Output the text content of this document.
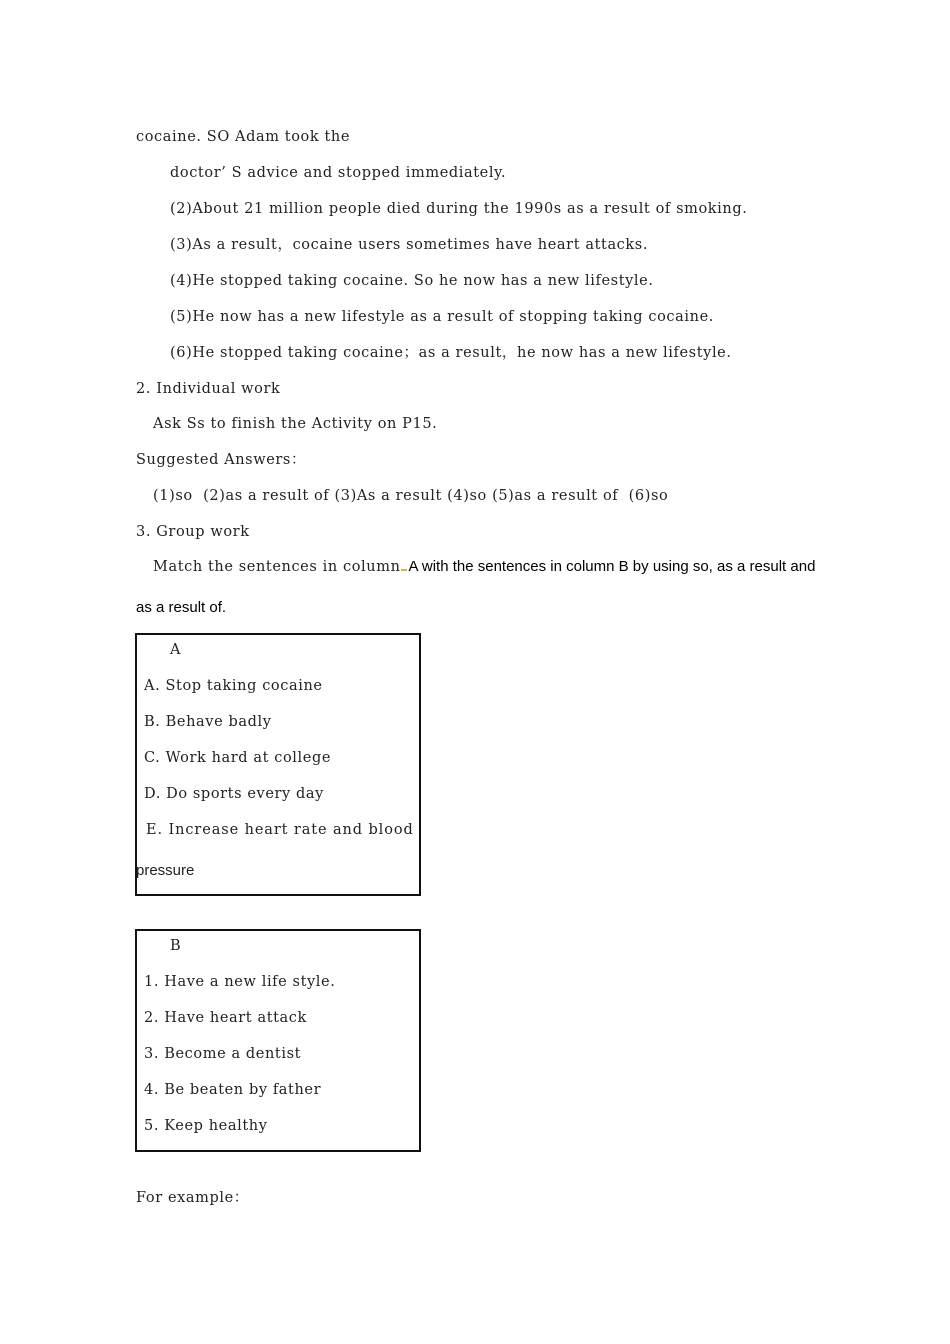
cocaine. SO Adam took the
doctor’ S advice and stopped immediately.
(2)About 21 million people died during the 1990s as a result of smoking.
(3)As a result，cocaine users sometimes have heart attacks.
(4)He stopped taking cocaine. So he now has a new lifestyle.
(5)He now has a new lifestyle as a result of stopping taking cocaine.
(6)He stopped taking cocaine；as a result，he now has a new lifestyle.
2. Individual work
Ask Ss to finish the Activity on P15.
Suggested Answers：
(1)so  (2)as a result of (3)As a result (4)so (5)as a result of  (6)so
3. Group work
Match the sentences in column A with the sentences in column B by using so, as a result and
as a result of.
A
A. Stop taking cocaine
B. Behave badly
C. Work hard at college
D. Do sports every day
E. Increase heart rate and blood
pressure
B
1. Have a new life style.
2. Have heart attack
3. Become a dentist
4. Be beaten by father
5. Keep healthy
For example：
